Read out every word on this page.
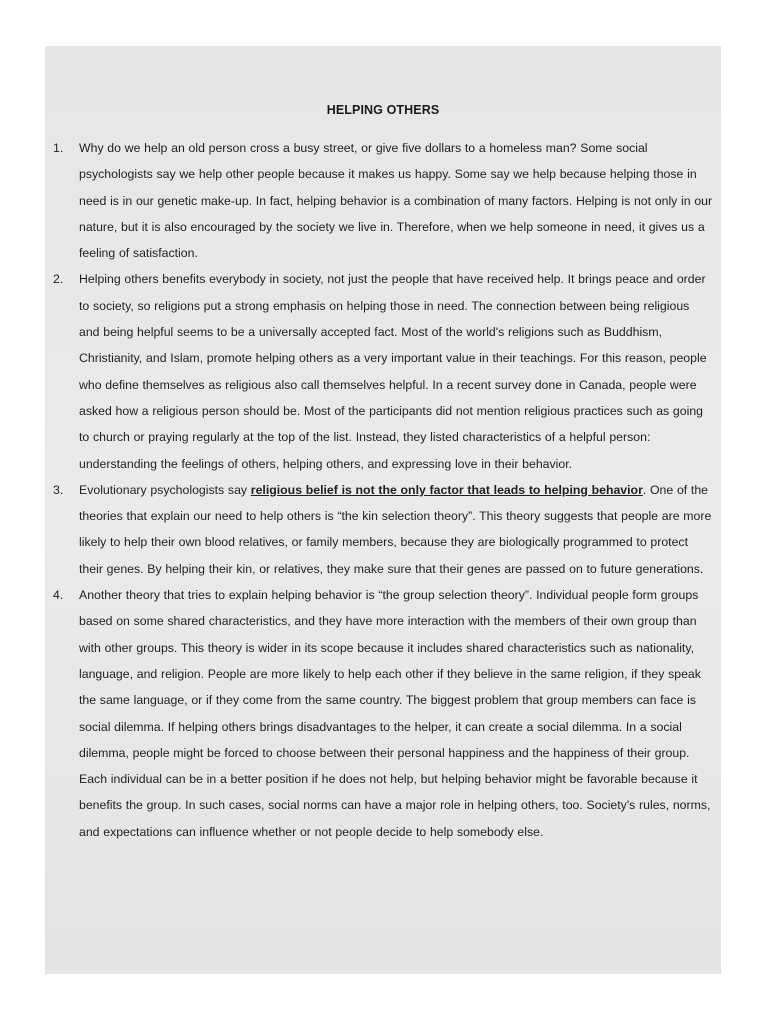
HELPING OTHERS
1.	Why do we help an old person cross a busy street, or give five dollars to a homeless man? Some social psychologists say we help other people because it makes us happy. Some say we help because helping those in need is in our genetic make-up. In fact, helping behavior is a combination of many factors. Helping is not only in our nature, but it is also encouraged by the society we live in. Therefore, when we help someone in need, it gives us a feeling of satisfaction.

2.	Helping others benefits everybody in society, not just the people that have received help. It brings peace and order to society, so religions put a strong emphasis on helping those in need. The connection between being religious and being helpful seems to be a universally accepted fact. Most of the world's religions such as Buddhism, Christianity, and Islam, promote helping others as a very important value in their teachings. For this reason, people who define themselves as religious also call themselves helpful. In a recent survey done in Canada, people were asked how a religious person should be. Most of the participants did not mention religious practices such as going to church or praying regularly at the top of the list. Instead, they listed characteristics of a helpful person: understanding the feelings of others, helping others, and expressing love in their behavior.

3.	Evolutionary psychologists say religious belief is not the only factor that leads to helping behavior. One of the theories that explain our need to help others is “the kin selection theory”. This theory suggests that people are more likely to help their own blood relatives, or family members, because they are biologically programmed to protect their genes. By helping their kin, or relatives, they make sure that their genes are passed on to future generations.

4.	Another theory that tries to explain helping behavior is “the group selection theory”. Individual people form groups based on some shared characteristics, and they have more interaction with the members of their own group than with other groups. This theory is wider in its scope because it includes shared characteristics such as nationality, language, and religion. People are more likely to help each other if they believe in the same religion, if they speak the same language, or if they come from the same country. The biggest problem that group members can face is social dilemma. If helping others brings disadvantages to the helper, it can create a social dilemma. In a social dilemma, people might be forced to choose between their personal happiness and the happiness of their group. Each individual can be in a better position if he does not help, but helping behavior might be favorable because it benefits the group. In such cases, social norms can have a major role in helping others, too. Society's rules, norms, and expectations can influence whether or not people decide to help somebody else.
